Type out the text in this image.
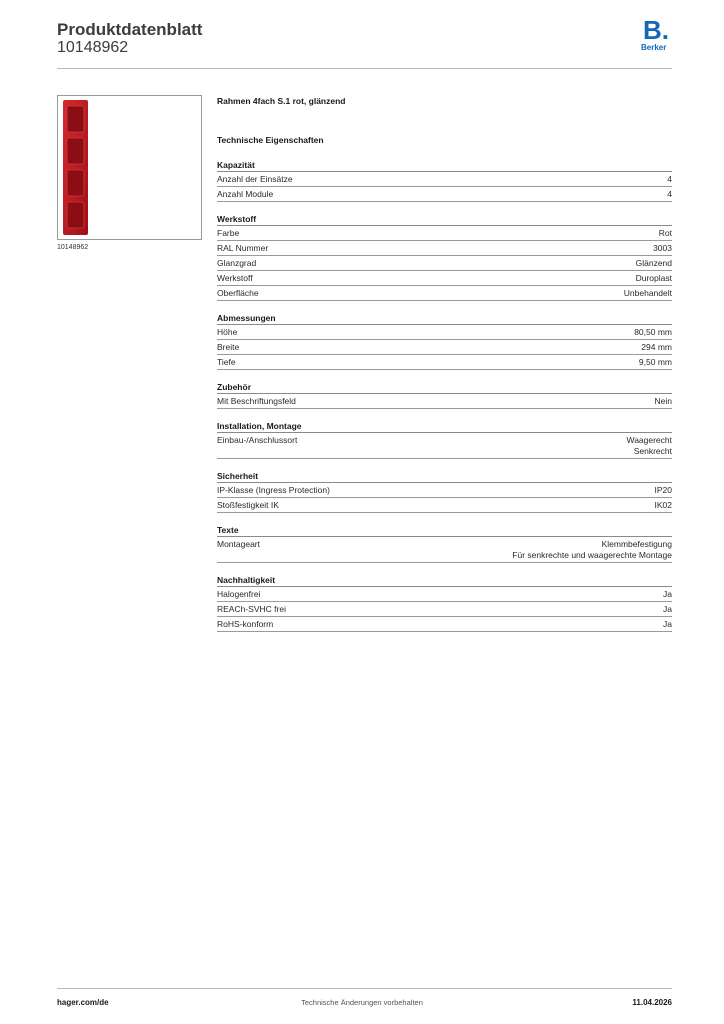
Produktdatenblatt
10148962
B.
Berker
10148962
Rahmen 4fach S.1 rot, glänzend
Technische Eigenschaften
Kapazität
Anzahl der Einsätze	4
Anzahl Module	4
Werkstoff
Farbe	Rot
RAL Nummer	3003
Glanzgrad	Glänzend
Werkstoff	Duroplast
Oberfläche	Unbehandelt
Abmessungen
Höhe	80,50 mm
Breite	294 mm
Tiefe	9,50 mm
Zubehör
Mit Beschriftungsfeld	Nein
Installation, Montage
Einbau-/Anschlussort	Waagerecht
Senkrecht
Sicherheit
IP-Klasse (Ingress Protection)	IP20
Stoßfestigkeit IK	IK02
Texte
Montageart	Klemmbefestigung
Für senkrechte und waagerechte Montage
Nachhaltigkeit
Halogenfrei	Ja
REACh-SVHC frei	Ja
RoHS-konform	Ja
hager.com/de	Technische Änderungen vorbehalten	11.04.2026
